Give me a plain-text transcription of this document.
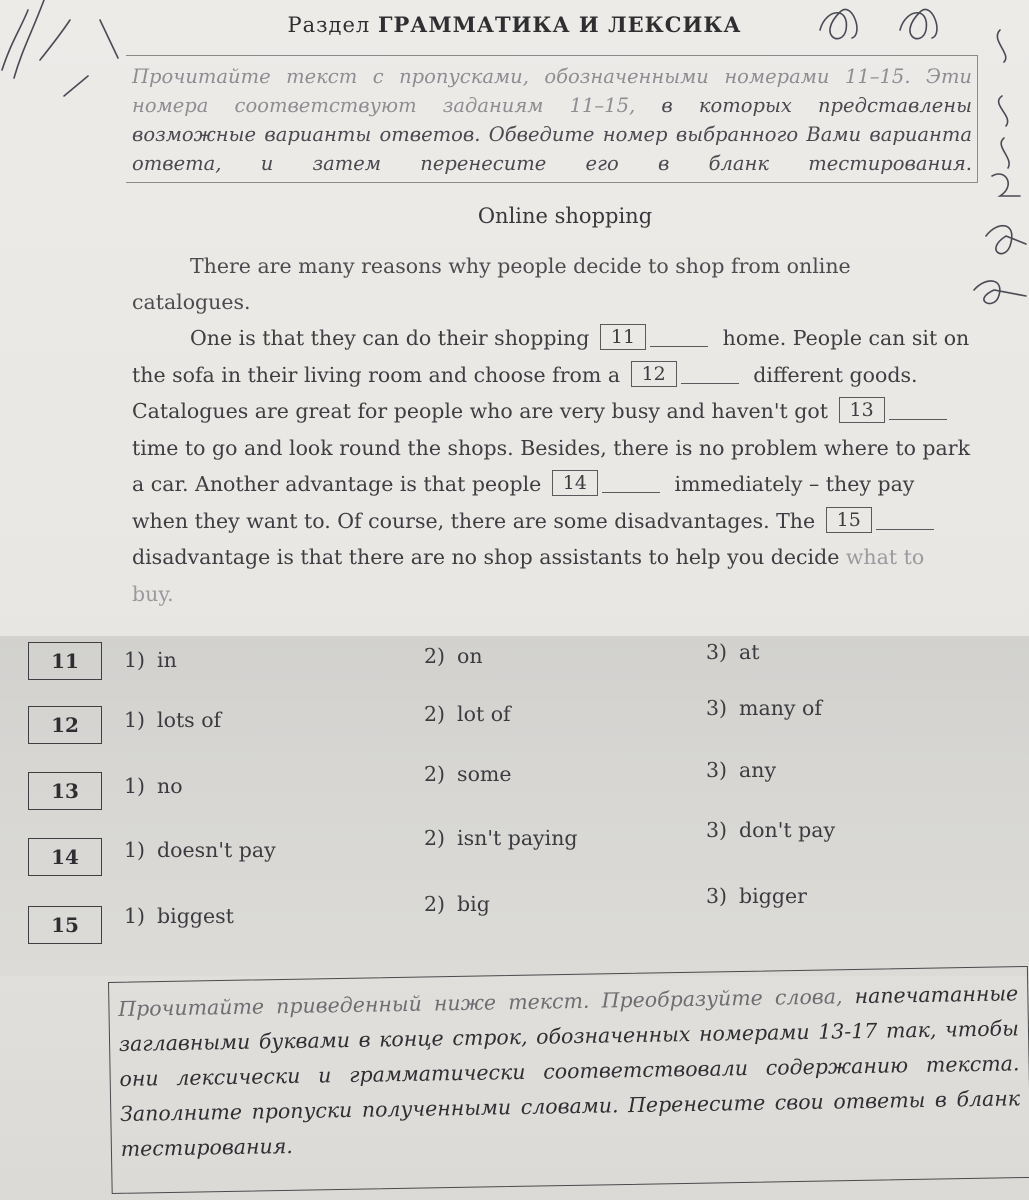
Раздел ГРАММАТИКА И ЛЕКСИКА
Прочитайте текст с пропусками, обозначенными номерами 11–15. Эти номера соответствуют заданиям 11–15, в которых представлены возможные варианты ответов. Обведите номер выбранного Вами варианта ответа, и затем перенесите его в бланк тестирования.
Online shopping
There are many reasons why people decide to shop from online catalogues.
One is that they can do their shopping 11	home. People can sit on the sofa in their living room and choose from a 12	different goods. Catalogues are great for people who are very busy and haven't got 13 time to go and look round the shops. Besides, there is no problem where to park a car. Another advantage is that people 14	immediately – they pay when they want to. Of course, there are some disadvantages. The 15 disadvantage is that there are no shop assistants to help you decide what to buy.
11	1) in	2) on	3) at
12	1) lots of	2) lot of	3) many of
13	1) no	2) some	3) any
14	1) doesn't pay	2) isn't paying	3) don't pay
15	1) biggest	2) big	3) bigger
Прочитайте приведенный ниже текст. Преобразуйте слова, напечатанные заглавными буквами в конце строк, обозначенных номерами 13-17 так, чтобы они лексически и грамматически соответствовали содержанию текста. Заполните пропуски полученными словами. Перенесите свои ответы в бланк тестирования.
